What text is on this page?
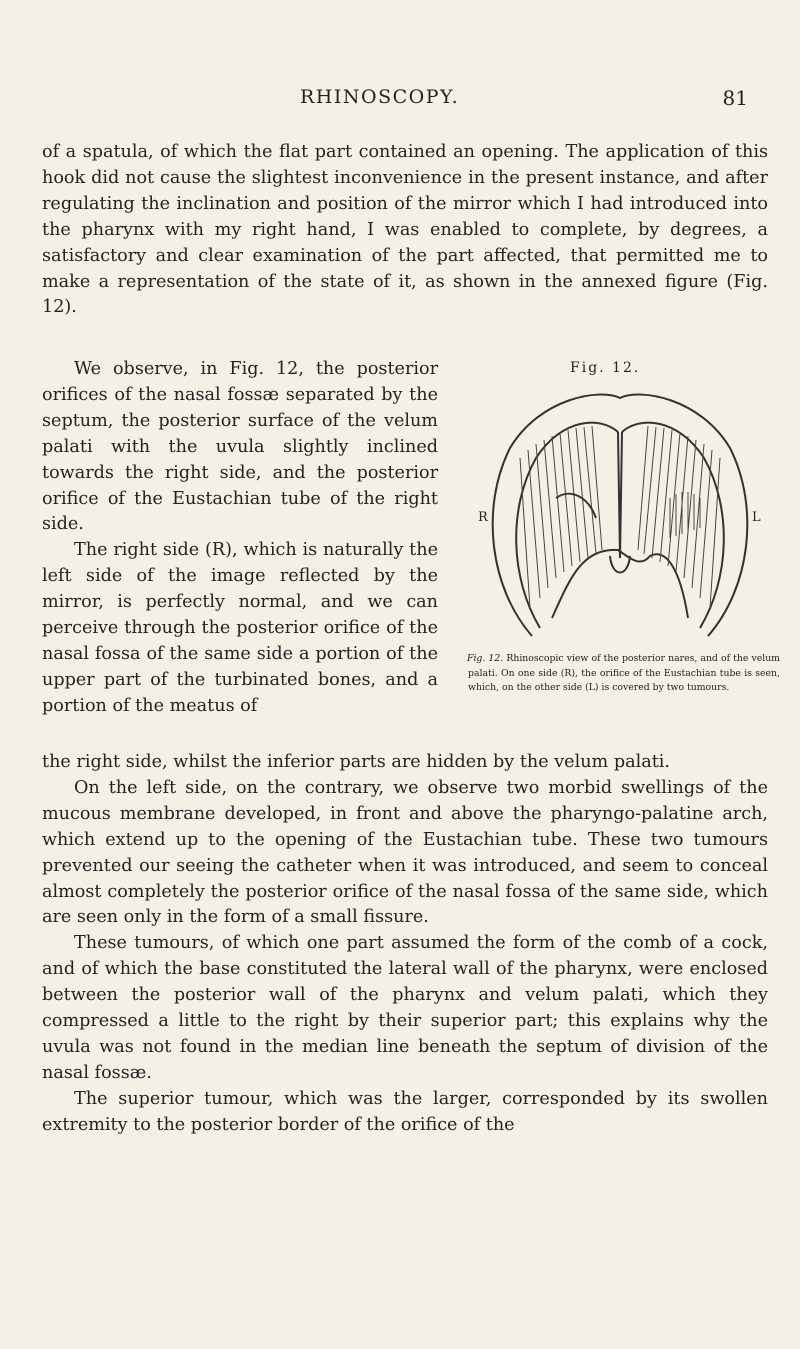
RHINOSCOPY.	81

of a spatula, of which the flat part contained an opening. The application of this hook did not cause the slightest inconvenience in the present instance, and after regulating the inclination and position of the mirror which I had introduced into the pharynx with my right hand, I was enabled to complete, by degrees, a satisfactory and clear examination of the part affected, that permitted me to make a representation of the state of it, as shown in the annexed figure (Fig. 12).

We observe, in Fig. 12, the posterior orifices of the nasal fossæ separated by the septum, the posterior surface of the velum palati with the uvula slightly inclined towards the right side, and the posterior orifice of the Eustachian tube of the right side.

The right side (R), which is naturally the left side of the image reflected by the mirror, is perfectly normal, and we can perceive through the posterior orifice of the nasal fossa of the same side a portion of the upper part of the turbinated bones, and a portion of the meatus of

Fig. 12.
R	L
Fig. 12. Rhinoscopic view of the posterior nares, and of the velum palati. On one side (R), the orifice of the Eustachian tube is seen, which, on the other side (L) is covered by two tumours.

the right side, whilst the inferior parts are hidden by the velum palati.

On the left side, on the contrary, we observe two morbid swellings of the mucous membrane developed, in front and above the pharyngo-palatine arch, which extend up to the opening of the Eustachian tube. These two tumours prevented our seeing the catheter when it was introduced, and seem to conceal almost completely the posterior orifice of the nasal fossa of the same side, which are seen only in the form of a small fissure.

These tumours, of which one part assumed the form of the comb of a cock, and of which the base constituted the lateral wall of the pharynx, were enclosed between the posterior wall of the pharynx and velum palati, which they compressed a little to the right by their superior part; this explains why the uvula was not found in the median line beneath the septum of division of the nasal fossæ.

The superior tumour, which was the larger, corresponded by its swollen extremity to the posterior border of the orifice of the
